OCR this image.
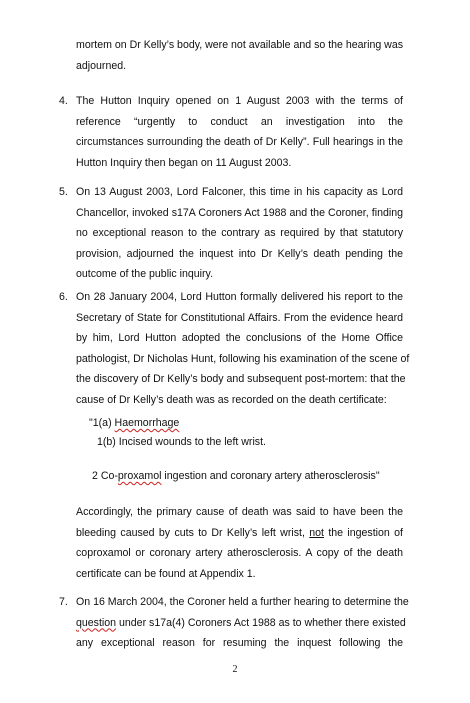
mortem on Dr Kelly’s body, were not available and so the hearing was
adjourned.
4. The Hutton Inquiry opened on 1 August 2003 with the terms of
reference “urgently to conduct an investigation into the
circumstances surrounding the death of Dr Kelly”. Full hearings in the
Hutton Inquiry then began on 11 August 2003.
5. On 13 August 2003, Lord Falconer, this time in his capacity as Lord
Chancellor, invoked s17A Coroners Act 1988 and the Coroner, finding
no exceptional reason to the contrary as required by that statutory
provision, adjourned the inquest into Dr Kelly’s death pending the
outcome of the public inquiry.
6. On 28 January 2004, Lord Hutton formally delivered his report to the
Secretary of State for Constitutional Affairs. From the evidence heard
by him, Lord Hutton adopted the conclusions of the Home Office
pathologist, Dr Nicholas Hunt, following his examination of the scene of
the discovery of Dr Kelly’s body and subsequent post-mortem: that the
cause of Dr Kelly’s death was as recorded on the death certificate:
"1(a) Haemorrhage
1(b) Incised wounds to the left wrist.
2 Co-proxamol ingestion and coronary artery atherosclerosis"
Accordingly, the primary cause of death was said to have been the
bleeding caused by cuts to Dr Kelly’s left wrist, not the ingestion of
coproxamol or coronary artery atherosclerosis. A copy of the death
certificate can be found at Appendix 1.
7. On 16 March 2004, the Coroner held a further hearing to determine the
question under s17a(4) Coroners Act 1988 as to whether there existed
any exceptional reason for resuming the inquest following the
2
